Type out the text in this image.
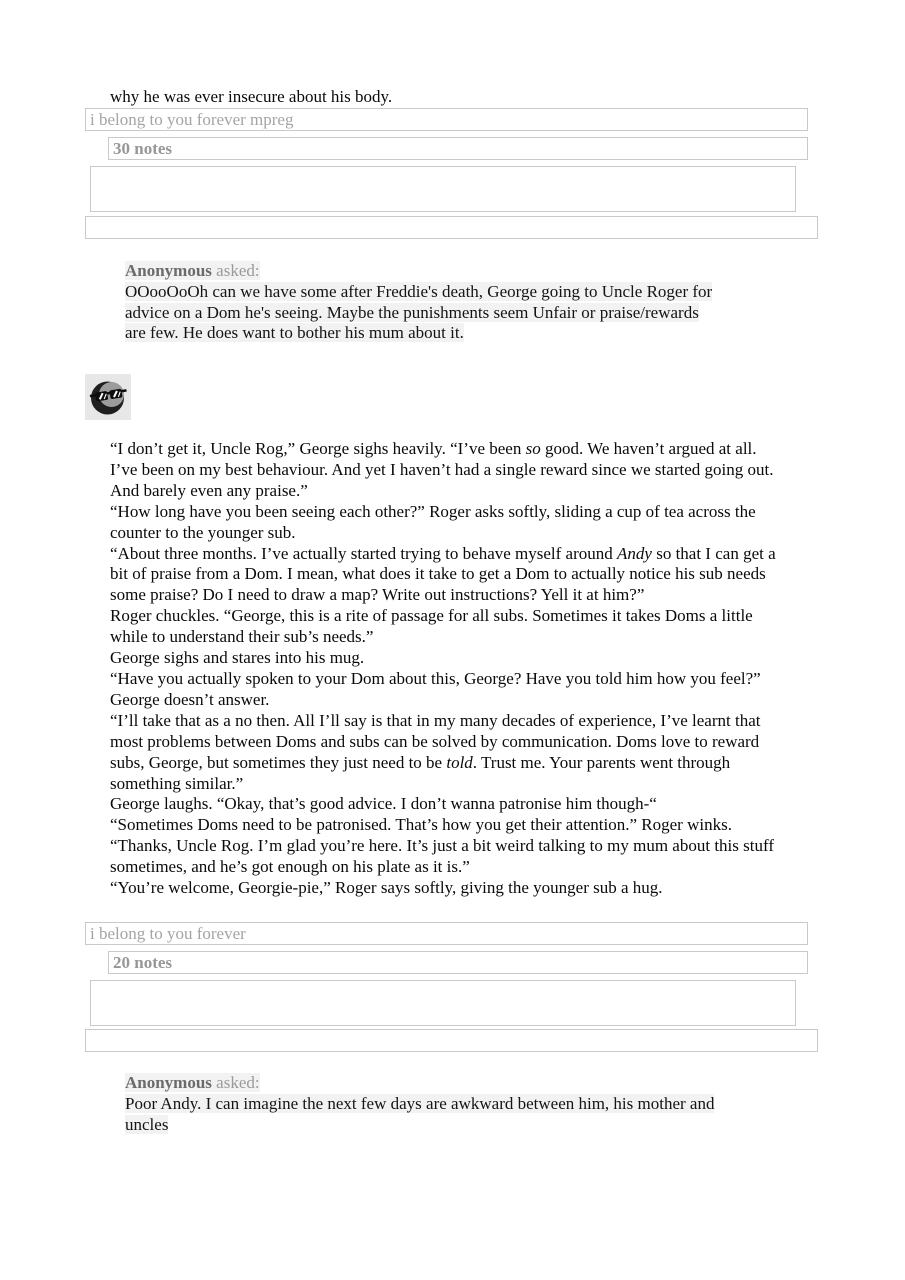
why he was ever insecure about his body.
i belong to you forever mpreg
30 notes
Anonymous asked:
OOooOoOh can we have some after Freddie's death, George going to Uncle Roger for advice on a Dom he's seeing. Maybe the punishments seem Unfair or praise/rewards are few. He does want to bother his mum about it.

“I don’t get it, Uncle Rog,” George sighs heavily. “I’ve been so good. We haven’t argued at all. I’ve been on my best behaviour. And yet I haven’t had a single reward since we started going out. And barely even any praise.”

“How long have you been seeing each other?” Roger asks softly, sliding a cup of tea across the counter to the younger sub.

“About three months. I’ve actually started trying to behave myself around Andy so that I can get a bit of praise from a Dom. I mean, what does it take to get a Dom to actually notice his sub needs some praise? Do I need to draw a map? Write out instructions? Yell it at him?”

Roger chuckles. “George, this is a rite of passage for all subs. Sometimes it takes Doms a little while to understand their sub’s needs.”

George sighs and stares into his mug.

“Have you actually spoken to your Dom about this, George? Have you told him how you feel?”

George doesn’t answer.

“I’ll take that as a no then. All I’ll say is that in my many decades of experience, I’ve learnt that most problems between Doms and subs can be solved by communication. Doms love to reward subs, George, but sometimes they just need to be told. Trust me. Your parents went through something similar.”

George laughs. “Okay, that’s good advice. I don’t wanna patronise him though-“

“Sometimes Doms need to be patronised. That’s how you get their attention.” Roger winks.

“Thanks, Uncle Rog. I’m glad you’re here. It’s just a bit weird talking to my mum about this stuff sometimes, and he’s got enough on his plate as it is.”

“You’re welcome, Georgie-pie,” Roger says softly, giving the younger sub a hug.

i belong to you forever
20 notes
Anonymous asked:
Poor Andy. I can imagine the next few days are awkward between him, his mother and uncles
